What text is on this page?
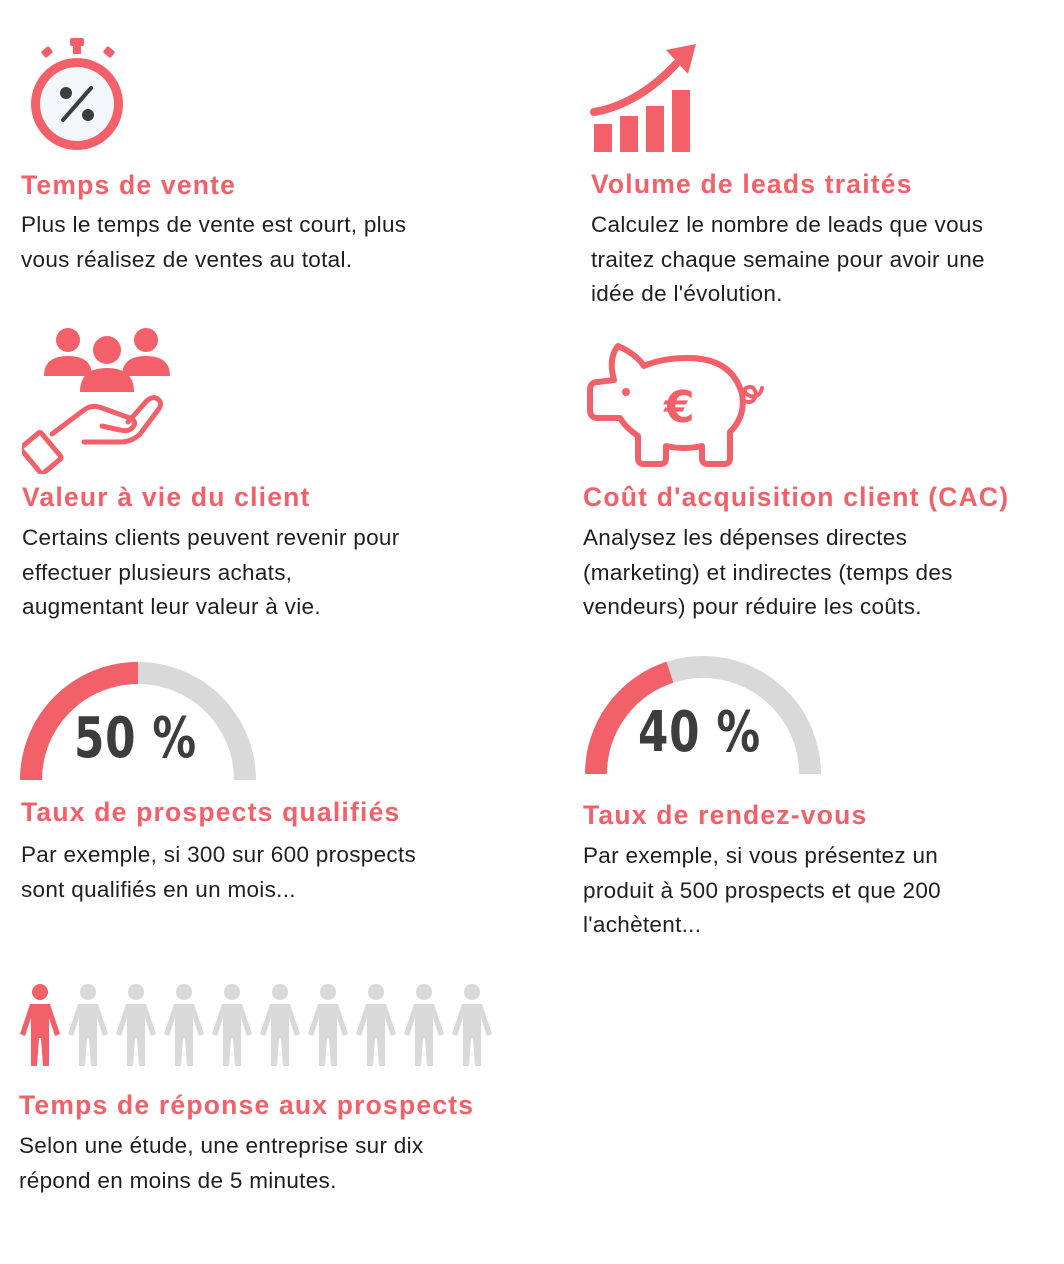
Temps de vente

Plus le temps de vente est court, plus
vous réalisez de ventes au total.

Volume de leads traités

Calculez le nombre de leads que vous
traitez chaque semaine pour avoir une
idée de l'évolution.

Valeur à vie du client

Certains clients peuvent revenir pour
effectuer plusieurs achats,
augmentant leur valeur à vie.

€
Coût d'acquisition client (CAC)

Analysez les dépenses directes
(marketing) et indirectes (temps des
vendeurs) pour réduire les coûts.

50 %
Taux de prospects qualifiés

Par exemple, si 300 sur 600 prospects
sont qualifiés en un mois...

40 %
Taux de rendez-vous

Par exemple, si vous présentez un
produit à 500 prospects et que 200
l'achètent...

Temps de réponse aux prospects

Selon une étude, une entreprise sur dix
répond en moins de 5 minutes.
